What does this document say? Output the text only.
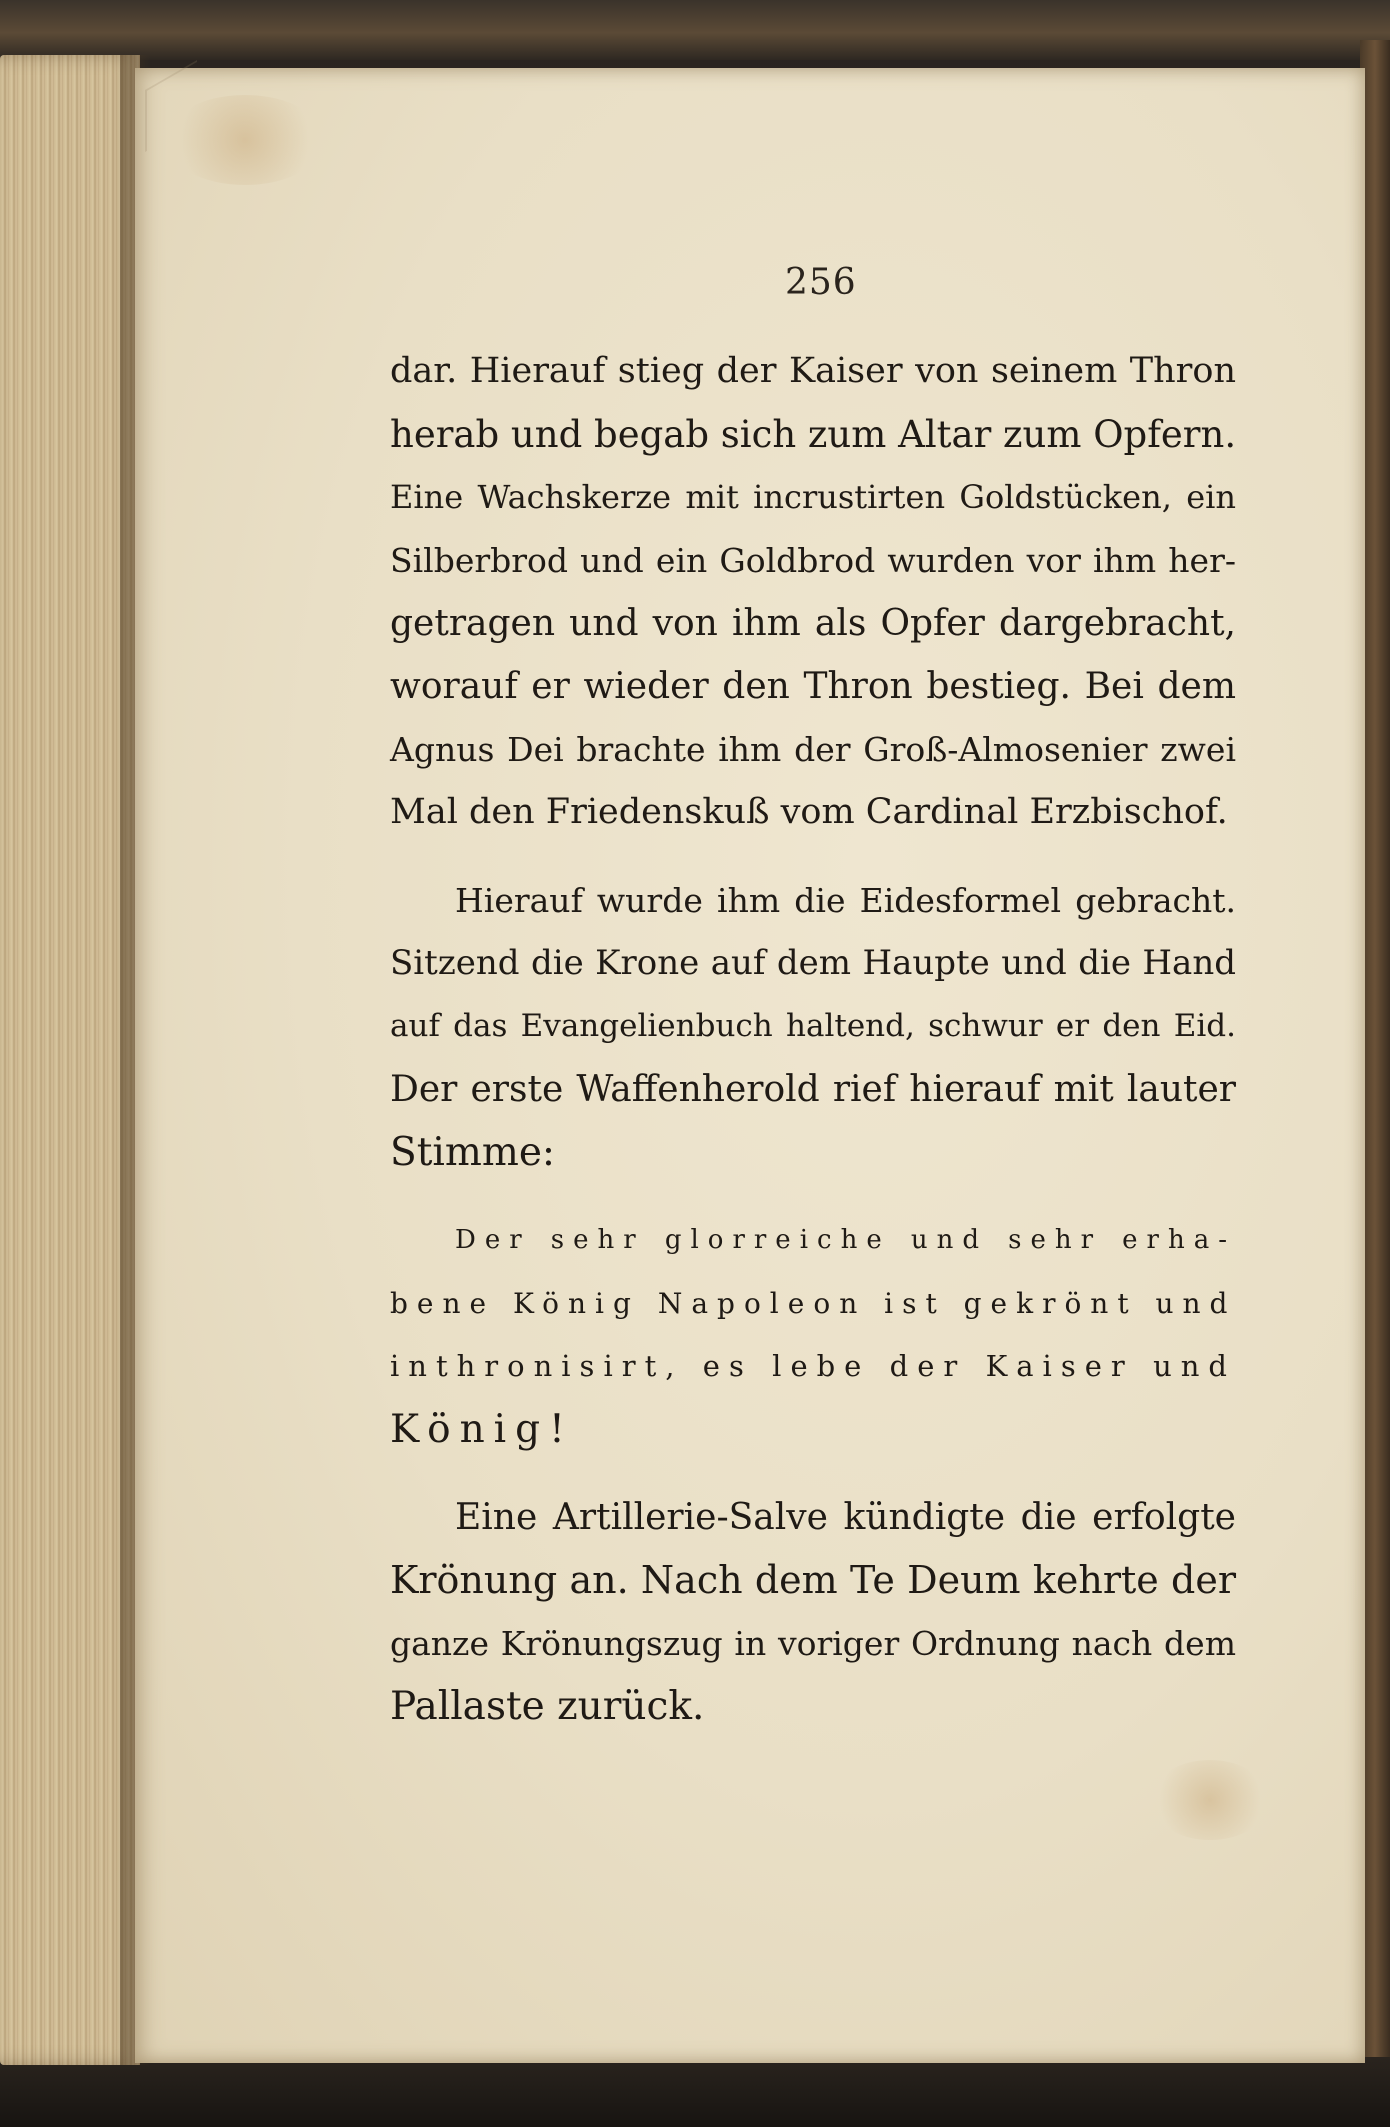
256
dar. Hierauf stieg der Kaiser von seinem Thron
herab und begab sich zum Altar zum Opfern.
Eine Wachskerze mit incrustirten Goldstücken, ein
Silberbrod und ein Goldbrod wurden vor ihm her-
getragen und von ihm als Opfer dargebracht,
worauf er wieder den Thron bestieg. Bei dem
Agnus Dei brachte ihm der Groß-Almosenier zwei
Mal den Friedenskuß vom Cardinal Erzbischof.
Hierauf wurde ihm die Eidesformel gebracht.
Sitzend die Krone auf dem Haupte und die Hand
auf das Evangelienbuch haltend, schwur er den Eid.
Der erste Waffenherold rief hierauf mit lauter
Stimme:
Der sehr glorreiche und sehr erha-
bene König Napoleon ist gekrönt und
inthronisirt, es lebe der Kaiser und
König!
Eine Artillerie-Salve kündigte die erfolgte
Krönung an. Nach dem Te Deum kehrte der
ganze Krönungszug in voriger Ordnung nach dem
Pallaste zurück.
